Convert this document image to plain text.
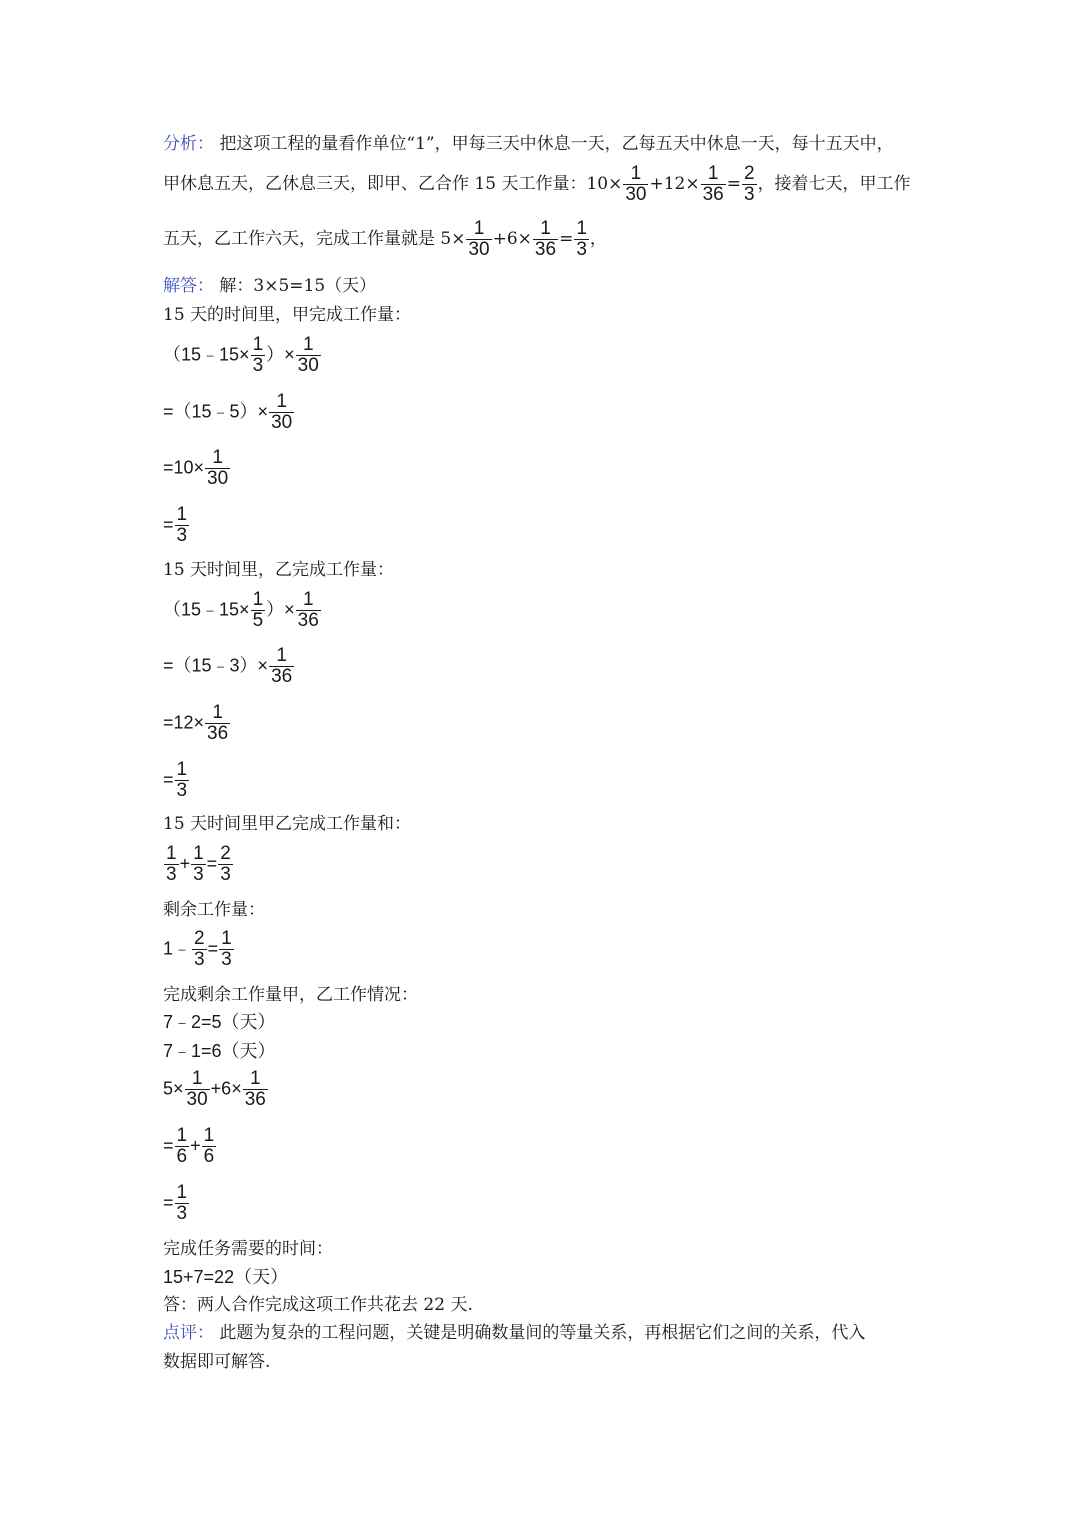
分析： 把这项工程的量看作单位“1”，甲每三天中休息一天，乙每五天中休息一天，每十五天中，
甲休息五天，乙休息三天，即甲、乙合作 15 天工作量：$10\times \frac{1}{30} +12\times \frac{1}{36} = \frac{2}{3}$ ，接着七天，甲工作
五天，乙工作六天，完成工作量就是 $5\times \frac{1}{30} +6\times \frac{1}{36} = \frac{1}{3}$ ，
解答： 解：3×5=15（天）
15 天的时间里，甲完成工作量：
（15﹣15× $\frac{1}{3}$ ）× $\frac{1}{30}$
=（15﹣5）× $\frac{1}{30}$
$=10\times \frac{1}{30}$
= $\frac{1}{3}$
15 天时间里，乙完成工作量：
（15﹣15× $\frac{1}{5}$ ）× $\frac{1}{36}$
=（15﹣3）× $\frac{1}{36}$
$=12\times \frac{1}{36}$
= $\frac{1}{3}$
15 天时间里甲乙完成工作量和：
$\frac{1}{3} + \frac{1}{3} = \frac{2}{3}$
剩余工作量：
1﹣ $\frac{2}{3} = \frac{1}{3}$
完成剩余工作量甲，乙工作情况：
7﹣2=5（天）
7﹣1=6（天）
$5\times \frac{1}{30} +6\times \frac{1}{36}$
= $\frac{1}{6} + \frac{1}{6}$
= $\frac{1}{3}$
完成任务需要的时间：
15+7=22（天）
答：两人合作完成这项工作共花去 22 天.
点评： 此题为复杂的工程问题，关键是明确数量间的等量关系，再根据它们之间的关系，代入
数据即可解答.
